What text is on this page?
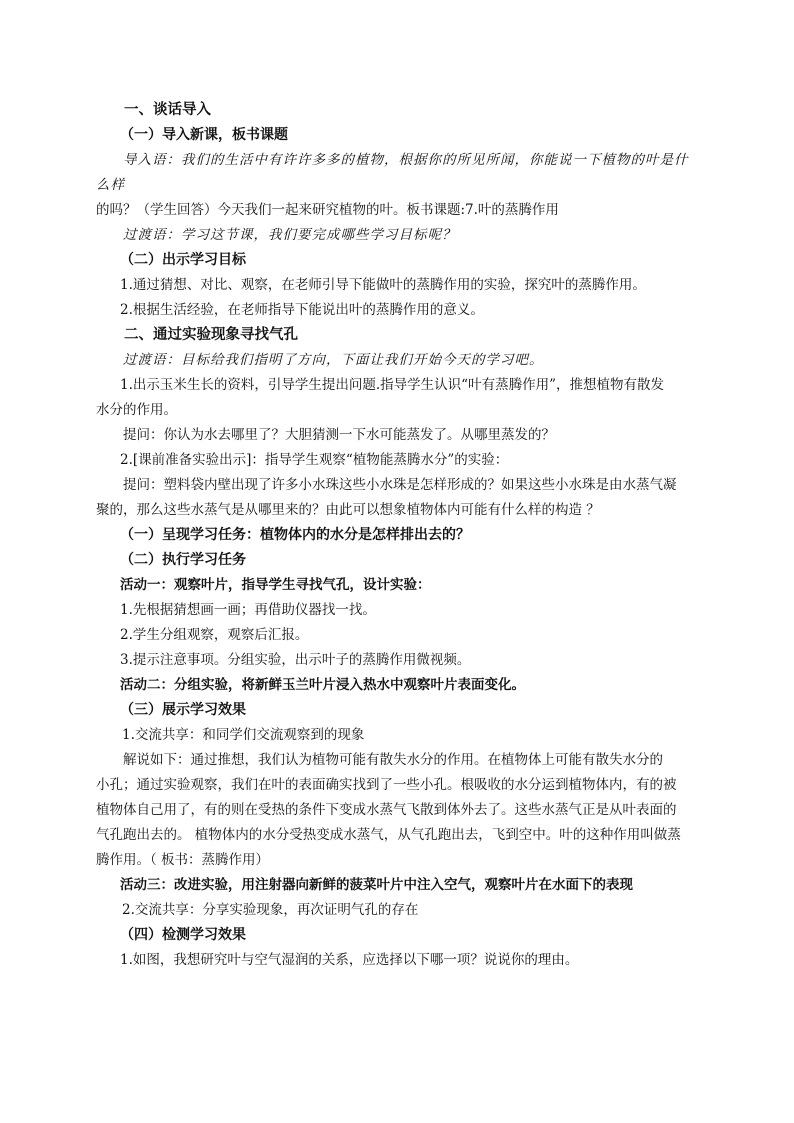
一、谈话导入
（一）导入新课，板书课题
导入语：我们的生活中有许许多多的植物，根据你的所见所闻，你能说一下植物的叶是什么样
的吗？（学生回答）今天我们一起来研究植物的叶。板书课题:7.叶的蒸腾作用
过渡语：学习这节课，我们要完成哪些学习目标呢？
（二）出示学习目标
1.通过猜想、对比、观察，在老师引导下能做叶的蒸腾作用的实验，探究叶的蒸腾作用。
2.根据生活经验，在老师指导下能说出叶的蒸腾作用的意义。
二、通过实验现象寻找气孔
过渡语：目标给我们指明了方向，下面让我们开始今天的学习吧。
1.出示玉米生长的资料，引导学生提出问题.指导学生认识“叶有蒸腾作用”，推想植物有散发
水分的作用。
提问：你认为水去哪里了？大胆猜测一下水可能蒸发了。从哪里蒸发的？
2.[课前准备实验出示]：指导学生观察“植物能蒸腾水分”的实验：
提问：塑料袋内壁出现了许多小水珠这些小水珠是怎样形成的？如果这些小水珠是由水蒸气凝
聚的，那么这些水蒸气是从哪里来的？由此可以想象植物体内可能有什么样的构造 ？
（一）呈现学习任务：植物体内的水分是怎样排出去的？
（二）执行学习任务
活动一：观察叶片，指导学生寻找气孔，设计实验：
1.先根据猜想画一画；再借助仪器找一找。
2.学生分组观察，观察后汇报。
3.提示注意事项。分组实验，出示叶子的蒸腾作用微视频。
活动二：分组实验，将新鲜玉兰叶片浸入热水中观察叶片表面变化。
（三）展示学习效果
1.交流共享：和同学们交流观察到的现象
解说如下：通过推想，我们认为植物可能有散失水分的作用。在植物体上可能有散失水分的
小孔；通过实验观察，我们在叶的表面确实找到了一些小孔。根吸收的水分运到植物体内，有的被
植物体自己用了，有的则在受热的条件下变成水蒸气飞散到体外去了。这些水蒸气正是从叶表面的
气孔跑出去的。 植物体内的水分受热变成水蒸气，从气孔跑出去，飞到空中。叶的这种作用叫做蒸
腾作用。（ 板书：蒸腾作用）
活动三：改进实验，用注射器向新鲜的菠菜叶片中注入空气，观察叶片在水面下的表现
2.交流共享：分享实验现象，再次证明气孔的存在
（四）检测学习效果
1.如图，我想研究叶与空气湿润的关系，应选择以下哪一项？说说你的理由。
